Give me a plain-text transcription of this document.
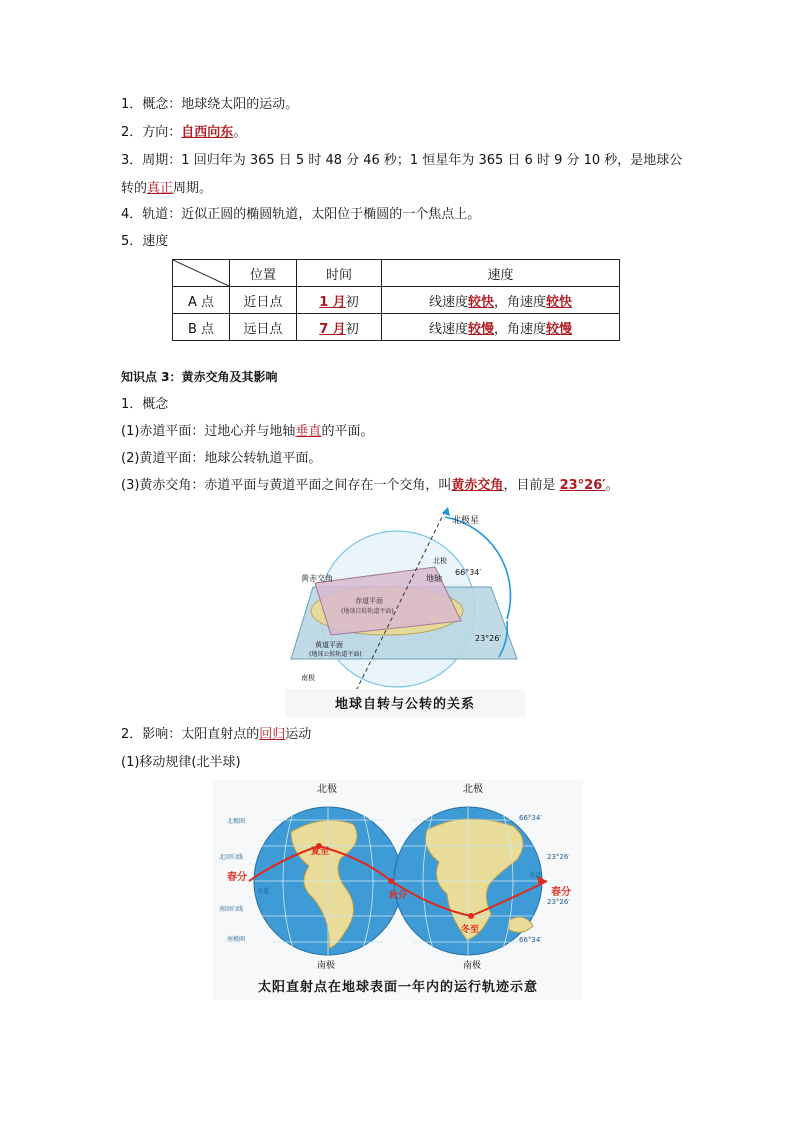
1．概念：地球绕太阳的运动。
2．方向：自西向东。
3．周期：1 回归年为 365 日 5 时 48 分 46 秒；1 恒星年为 365 日 6 时 9 分 10 秒，是地球公
转的真正周期。
4．轨道：近似正圆的椭圆轨道，太阳位于椭圆的一个焦点上。
5．速度
	位置	时间	速度
A 点	近日点	1 月初	线速度较快，角速度较快
B 点	远日点	7 月初	线速度较慢，角速度较慢
知识点 3：黄赤交角及其影响
1．概念
(1)赤道平面：过地心并与地轴垂直的平面。
(2)黄道平面：地球公转轨道平面。
(3)黄赤交角：赤道平面与黄道平面之间存在一个交角，叫黄赤交角，目前是 23°26′。
北极星
北极
地轴
66°34′
23°26′
黄赤交角
赤道平面
(地球自转轨道平面)
黄道平面
(地球公转轨道平面)
南极
地球自转与公转的关系
2．影响：太阳直射点的回归运动
(1)移动规律(北半球)
北极	北极
南极	南极
北极圈
北回归线
赤道
南回归线
南极圈
66°34′
23°26′
赤道
23°26′
66°34′
夏至
春分
秋分
冬至
春分
太阳直射点在地球表面一年内的运行轨迹示意
